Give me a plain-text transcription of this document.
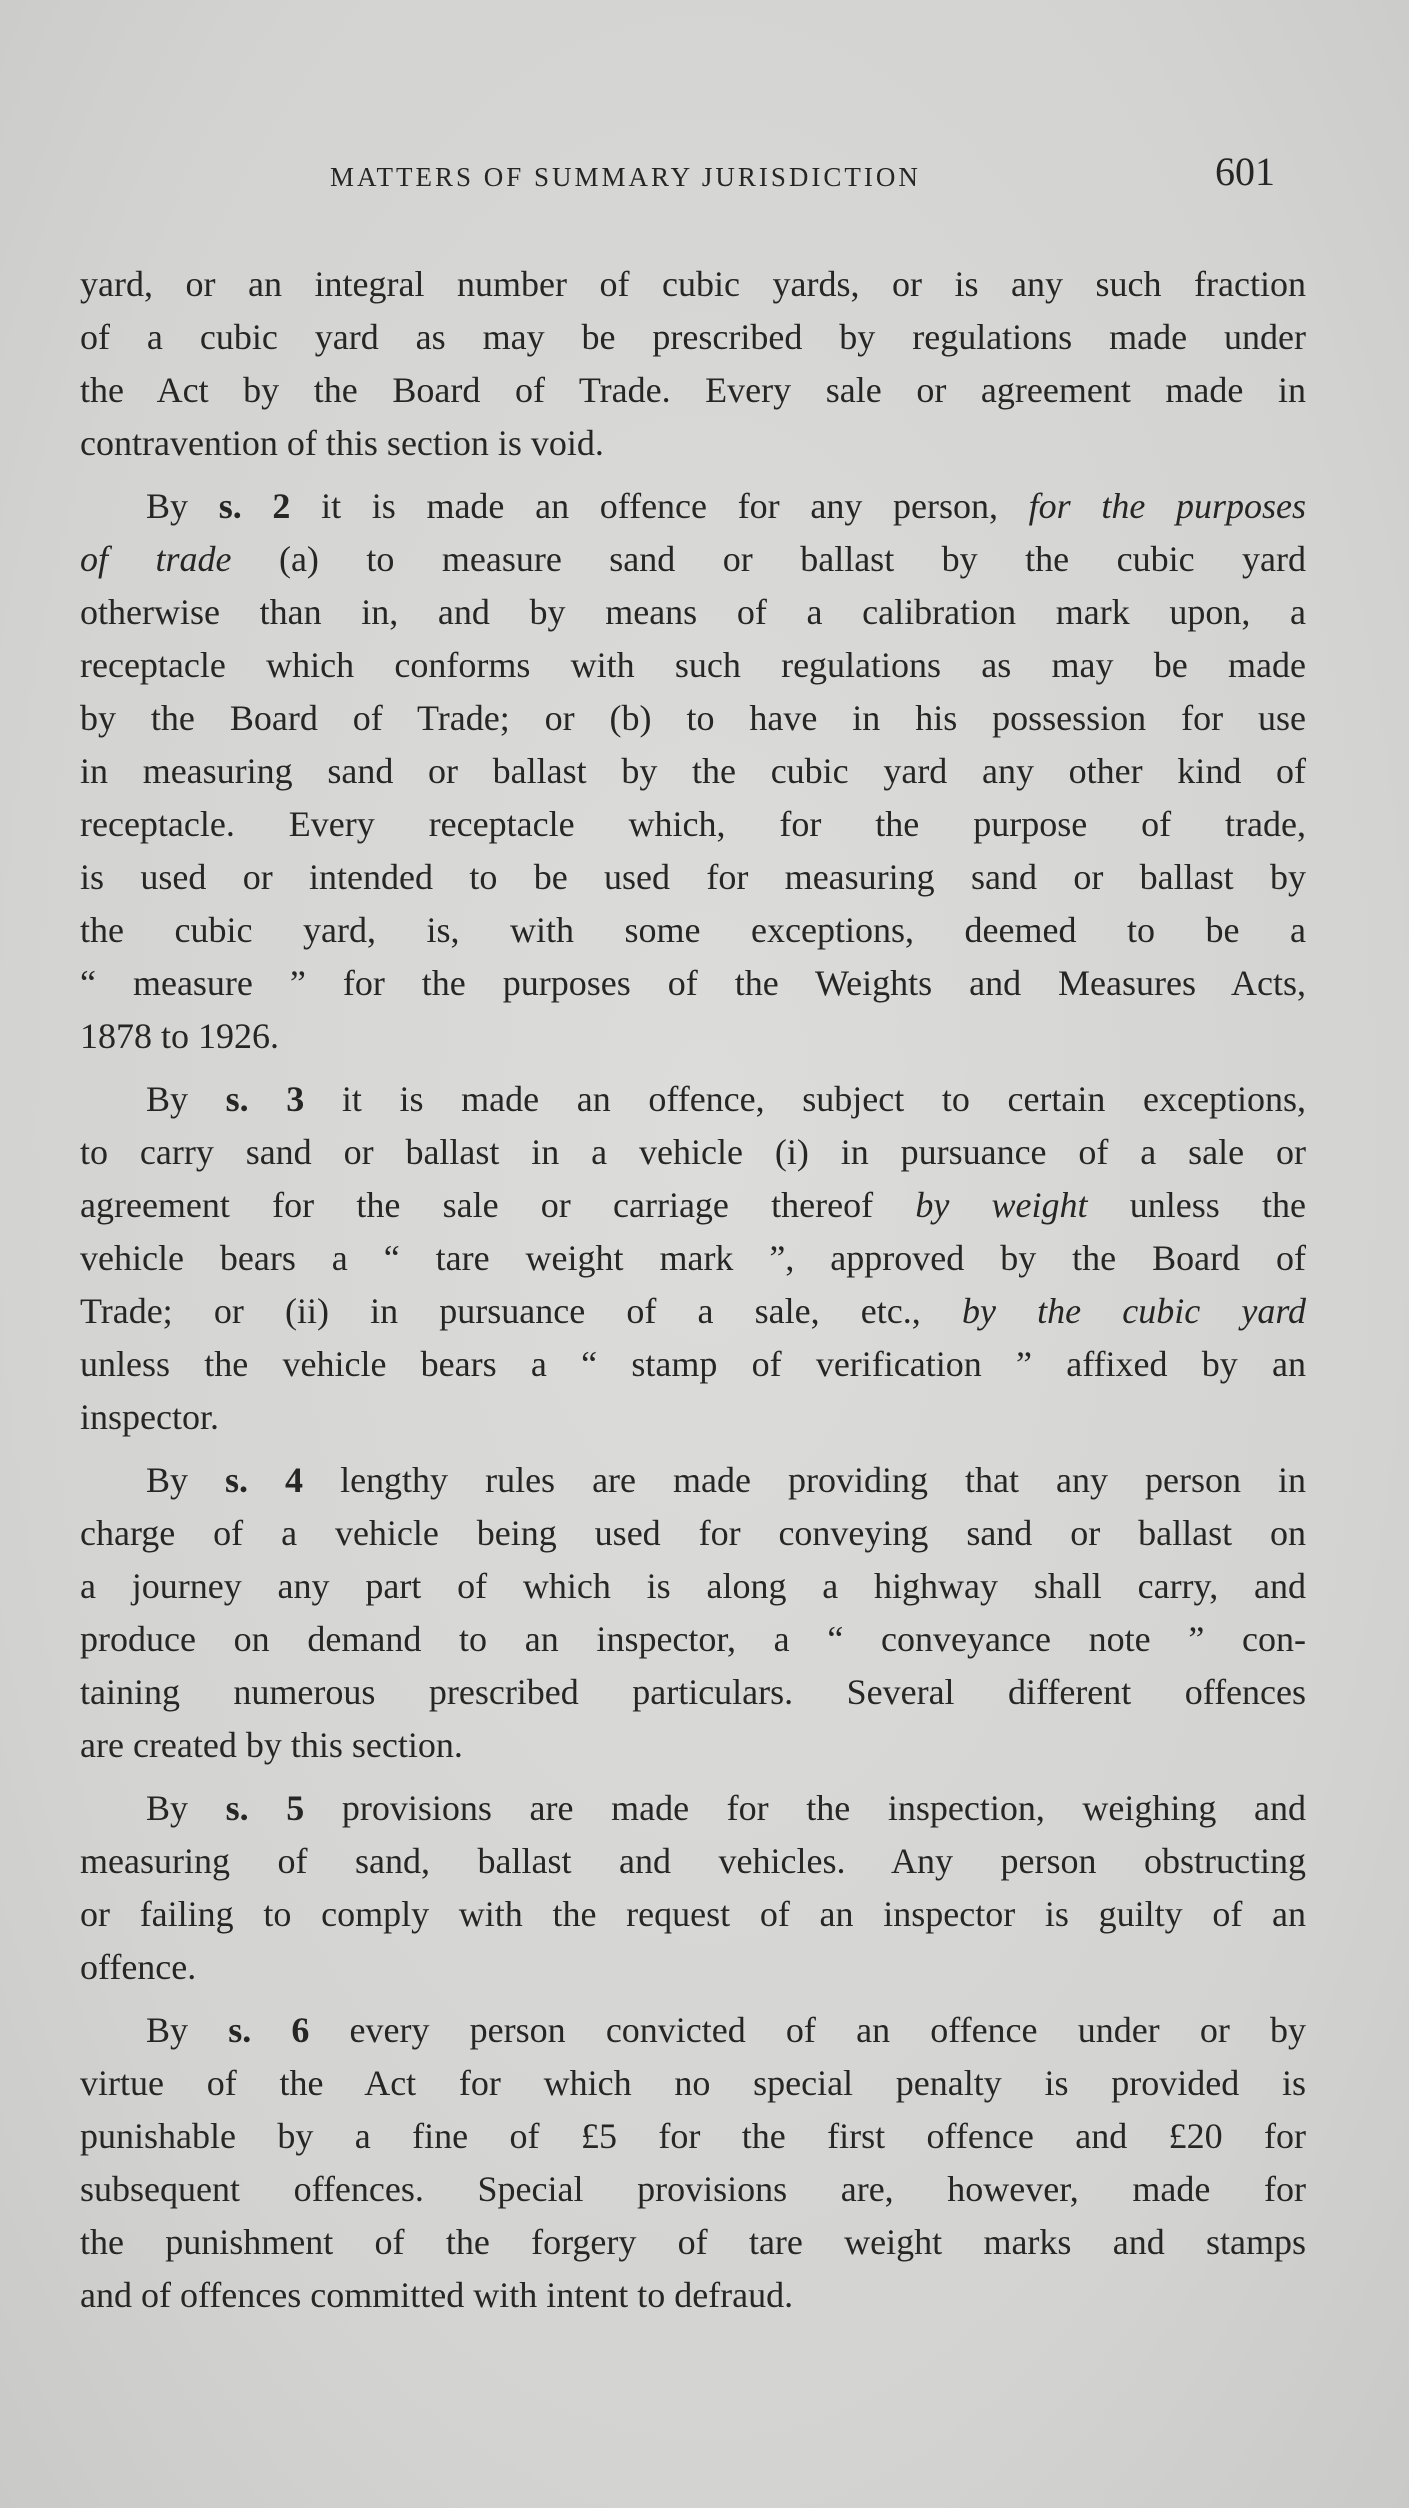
MATTERS OF SUMMARY JURISDICTION	601
yard, or an integral number of cubic yards, or is any such fraction
of a cubic yard as may be prescribed by regulations made under
the Act by the Board of Trade. Every sale or agreement made in
contravention of this section is void.
By s. 2 it is made an offence for any person, for the purposes
of trade (a) to measure sand or ballast by the cubic yard
otherwise than in, and by means of a calibration mark upon, a
receptacle which conforms with such regulations as may be made
by the Board of Trade; or (b) to have in his possession for use
in measuring sand or ballast by the cubic yard any other kind of
receptacle. Every receptacle which, for the purpose of trade,
is used or intended to be used for measuring sand or ballast by
the cubic yard, is, with some exceptions, deemed to be a
“ measure ” for the purposes of the Weights and Measures Acts,
1878 to 1926.
By s. 3 it is made an offence, subject to certain exceptions,
to carry sand or ballast in a vehicle (i) in pursuance of a sale or
agreement for the sale or carriage thereof by weight unless the
vehicle bears a “ tare weight mark ”, approved by the Board of
Trade; or (ii) in pursuance of a sale, etc., by the cubic yard
unless the vehicle bears a “ stamp of verification ” affixed by an
inspector.
By s. 4 lengthy rules are made providing that any person in
charge of a vehicle being used for conveying sand or ballast on
a journey any part of which is along a highway shall carry, and
produce on demand to an inspector, a “ conveyance note ” con-
taining numerous prescribed particulars. Several different offences
are created by this section.
By s. 5 provisions are made for the inspection, weighing and
measuring of sand, ballast and vehicles. Any person obstructing
or failing to comply with the request of an inspector is guilty of an
offence.
By s. 6 every person convicted of an offence under or by
virtue of the Act for which no special penalty is provided is
punishable by a fine of £5 for the first offence and £20 for
subsequent offences. Special provisions are, however, made for
the punishment of the forgery of tare weight marks and stamps
and of offences committed with intent to defraud.
